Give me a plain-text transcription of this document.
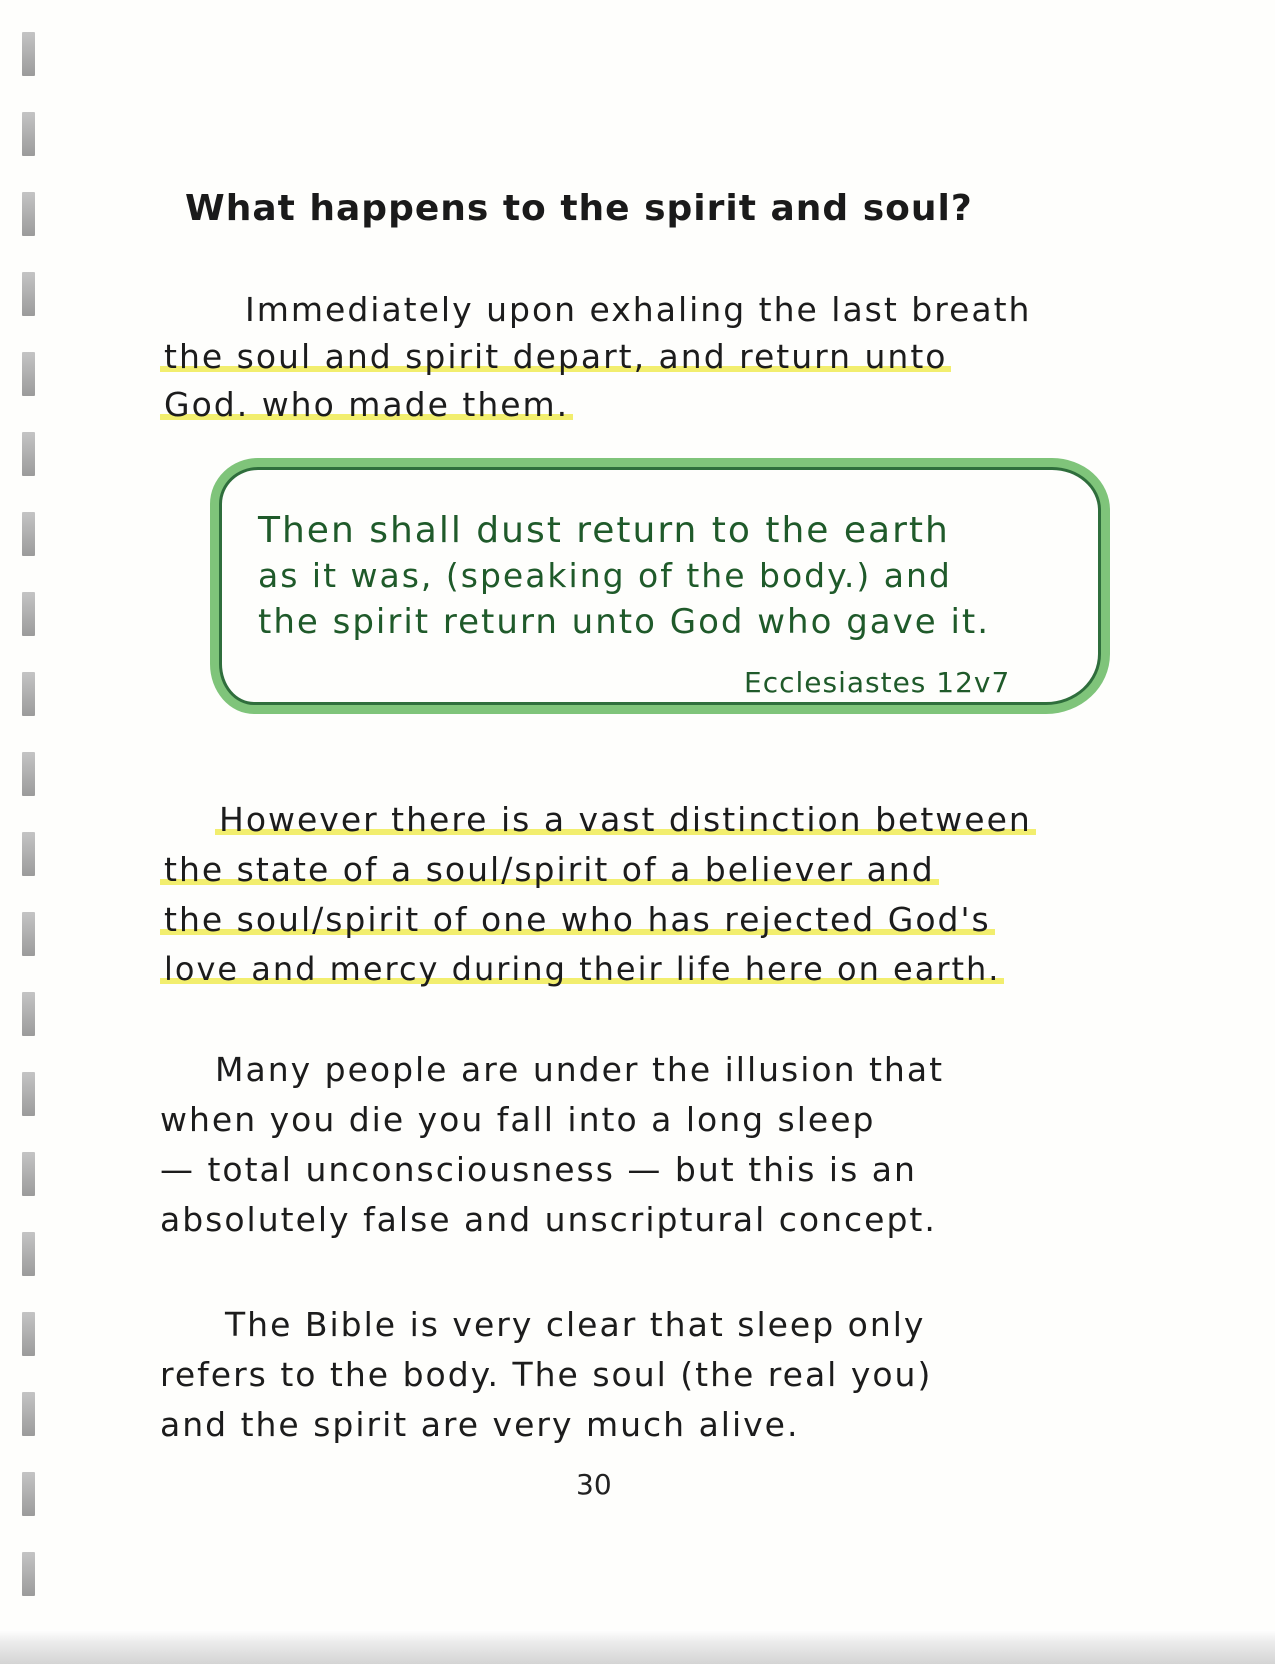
What happens to the spirit and soul?
Immediately upon exhaling the last breath
the soul and spirit depart, and return unto
God. who made them.
Then shall dust return to the earth
as it was, (speaking of the body.) and
the spirit return unto God who gave it.
Ecclesiastes 12v7
However there is a vast distinction between
the state of a soul/spirit of a believer and
the soul/spirit of one who has rejected God's
love and mercy during their life here on earth.
Many people are under the illusion that
when you die you fall into a long sleep
— total unconsciousness — but this is an
absolutely false and unscriptural concept.
The Bible is very clear that sleep only
refers to the body. The soul (the real you)
and the spirit are very much alive.
30
